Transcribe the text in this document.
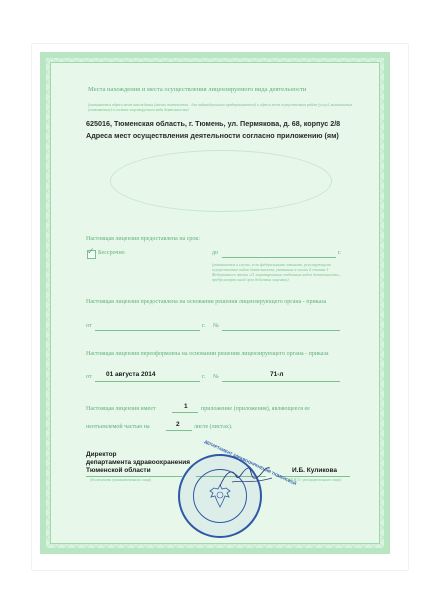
Места нахождения и места осуществления лицензируемого вида деятельности
(указываются адреса мест нахождения (места жительства – для индивидуального предпринимателя) и адреса мест осуществления работ (услуг), выполняемых (оказываемых) в составе лицензируемого вида деятельности)
625016, Тюменская область, г. Тюмень, ул. Пермякова, д. 68, корпус 2/8
Адреса мест осуществления деятельности согласно приложению (ям)
Настоящая лицензия предоставлена на срок:
✓ Бессрочно	до	г.
(указывается в случае, если федеральными законами, регулирующими осуществление видов деятельности, указанных в части 4 статьи 1 Федерального закона «О лицензировании отдельных видов деятельности», предусмотрен иной срок действия лицензии)
Настоящая лицензия предоставлена на основании решения лицензирующего органа - приказа
от	г. №
Настоящая лицензия переоформлена на основании решения лицензирующего органа - приказа
от 01 августа 2014	г. №	71-л
Настоящая лицензия имеет	1 приложение (приложения), являющееся ее
неотъемлемой частью на	2 листе (листах).
Директор
департамента здравоохранения
Тюменской области
(должность уполномоченного лица)
И.Б. Куликова
(Ф.И.О. уполномоченного лица)
ДЕПАРТАМЕНТ ЗДРАВООХРАНЕНИЯ ТЮМЕНСКОЙ
